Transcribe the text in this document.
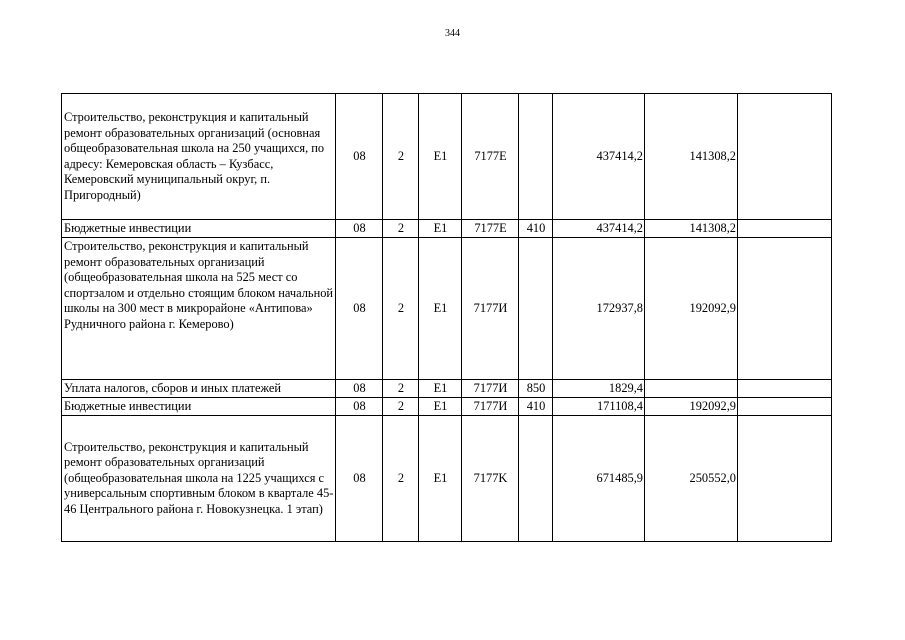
344
Строительство, реконструкция и капитальный ремонт образовательных организаций (основная общеобразовательная школа на 250 учащихся, по адресу: Кемеровская область – Кузбасс, Кемеровский муниципальный округ, п. Пригородный)	08	2	E1	7177E		437414,2	141308,2	
Бюджетные инвестиции	08	2	E1	7177E	410	437414,2	141308,2	
Строительство, реконструкция и капитальный ремонт образовательных организаций (общеобразовательная школа на 525 мест со спортзалом и отдельно стоящим блоком начальной школы на 300 мест в микрорайоне «Антипова» Рудничного района г. Кемерово)	08	2	E1	7177И		172937,8	192092,9	
Уплата налогов, сборов и иных платежей	08	2	E1	7177И	850	1829,4		
Бюджетные инвестиции	08	2	E1	7177И	410	171108,4	192092,9	
Строительство, реконструкция и капитальный ремонт образовательных организаций (общеобразовательная школа на 1225 учащихся с универсальным спортивным блоком в квартале 45-46 Центрального района г. Новокузнецка. 1 этап)	08	2	E1	7177K		671485,9	250552,0	
